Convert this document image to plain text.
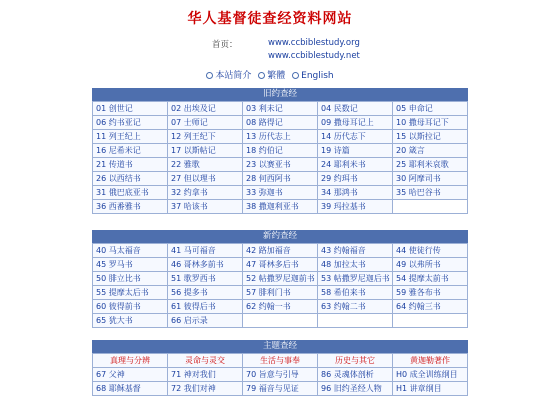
华人基督徒查经资料网站
首页：	www.ccbiblestudy.org
www.ccbiblestudy.net
本站简介 繁體 English
旧约查经
01 创世记	02 出埃及记	03 利未记	04 民数记	05 申命记
06 约书亚记	07 士师记	08 路得记	09 撒母耳记上	10 撒母耳记下
11 列王纪上	12 列王纪下	13 历代志上	14 历代志下	15 以斯拉记
16 尼希米记	17 以斯帖记	18 约伯记	19 诗篇	20 箴言
21 传道书	22 雅歌	23 以赛亚书	24 耶利米书	25 耶利米哀歌
26 以西结书	27 但以理书	28 何西阿书	29 约珥书	30 阿摩司书
31 俄巴底亚书	32 约拿书	33 弥迦书	34 那鸿书	35 哈巴谷书
36 西番雅书	37 哈该书	38 撒迦利亚书	39 玛拉基书	
新约查经
40 马太福音	41 马可福音	42 路加福音	43 约翰福音	44 使徒行传
45 罗马书	46 哥林多前书	47 哥林多后书	48 加拉太书	49 以弗所书
50 腓立比书	51 歌罗西书	52 帖撒罗尼迦前书	53 帖撒罗尼迦后书	54 提摩太前书
55 提摩太后书	56 提多书	57 腓利门书	58 希伯来书	59 雅各布书
60 彼得前书	61 彼得后书	62 约翰一书	63 约翰二书	64 约翰三书
65 犹大书	66 启示录			
主题查经
真理与分辨	灵命与灵交	生活与事奉	历史与其它	黄迦勒著作
67 父神	71 神对我们	70 旨意与引导	86 灵魂体剖析	H0 成全训练纲目
68 耶稣基督	72 我们对神	79 福音与见证	96 旧约圣经人物	H1 讲章纲目
